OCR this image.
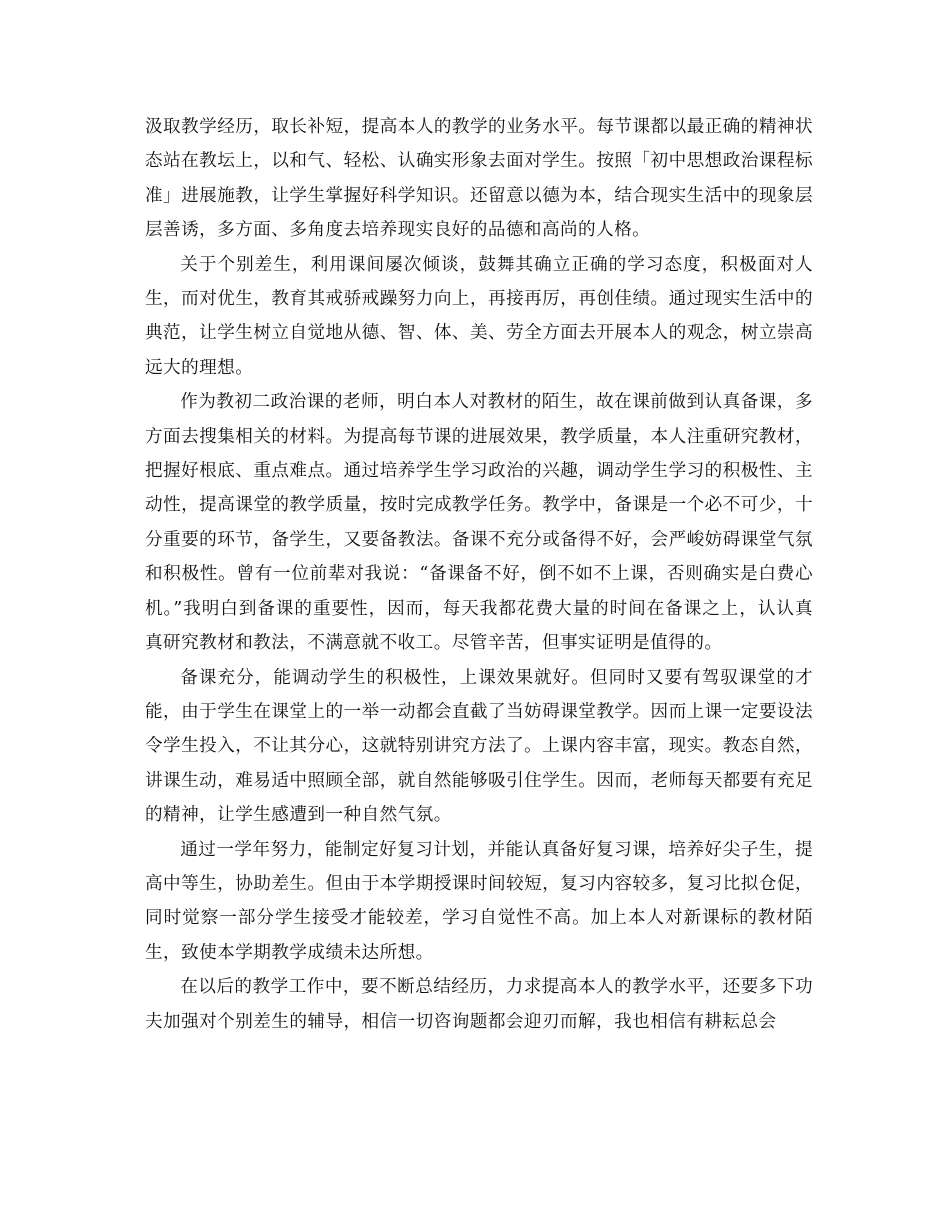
汲取教学经历，取长补短，提高本人的教学的业务水平。每节课都以最正确的精神状态站在教坛上，以和气、轻松、认确实形象去面对学生。按照「初中思想政治课程标准」进展施教，让学生掌握好科学知识。还留意以德为本，结合现实生活中的现象层层善诱，多方面、多角度去培养现实良好的品德和高尚的人格。

关于个别差生，利用课间屡次倾谈，鼓舞其确立正确的学习态度，积极面对人生，而对优生，教育其戒骄戒躁努力向上，再接再厉，再创佳绩。通过现实生活中的典范，让学生树立自觉地从德、智、体、美、劳全方面去开展本人的观念，树立崇高远大的理想。

作为教初二政治课的老师，明白本人对教材的陌生，故在课前做到认真备课，多方面去搜集相关的材料。为提高每节课的进展效果，教学质量，本人注重研究教材，把握好根底、重点难点。通过培养学生学习政治的兴趣，调动学生学习的积极性、主动性，提高课堂的教学质量，按时完成教学任务。教学中，备课是一个必不可少，十分重要的环节，备学生，又要备教法。备课不充分或备得不好，会严峻妨碍课堂气氛和积极性。曾有一位前辈对我说：“备课备不好，倒不如不上课，否则确实是白费心机。”我明白到备课的重要性，因而，每天我都花费大量的时间在备课之上，认认真真研究教材和教法，不满意就不收工。尽管辛苦，但事实证明是值得的。

备课充分，能调动学生的积极性，上课效果就好。但同时又要有驾驭课堂的才能，由于学生在课堂上的一举一动都会直截了当妨碍课堂教学。因而上课一定要设法令学生投入，不让其分心，这就特别讲究方法了。上课内容丰富，现实。教态自然，讲课生动，难易适中照顾全部，就自然能够吸引住学生。因而，老师每天都要有充足的精神，让学生感遭到一种自然气氛。

通过一学年努力，能制定好复习计划，并能认真备好复习课，培养好尖子生，提高中等生，协助差生。但由于本学期授课时间较短，复习内容较多，复习比拟仓促，同时觉察一部分学生接受才能较差，学习自觉性不高。加上本人对新课标的教材陌生，致使本学期教学成绩未达所想。

在以后的教学工作中，要不断总结经历，力求提高本人的教学水平，还要多下功夫加强对个别差生的辅导，相信一切咨询题都会迎刃而解，我也相信有耕耘总会
